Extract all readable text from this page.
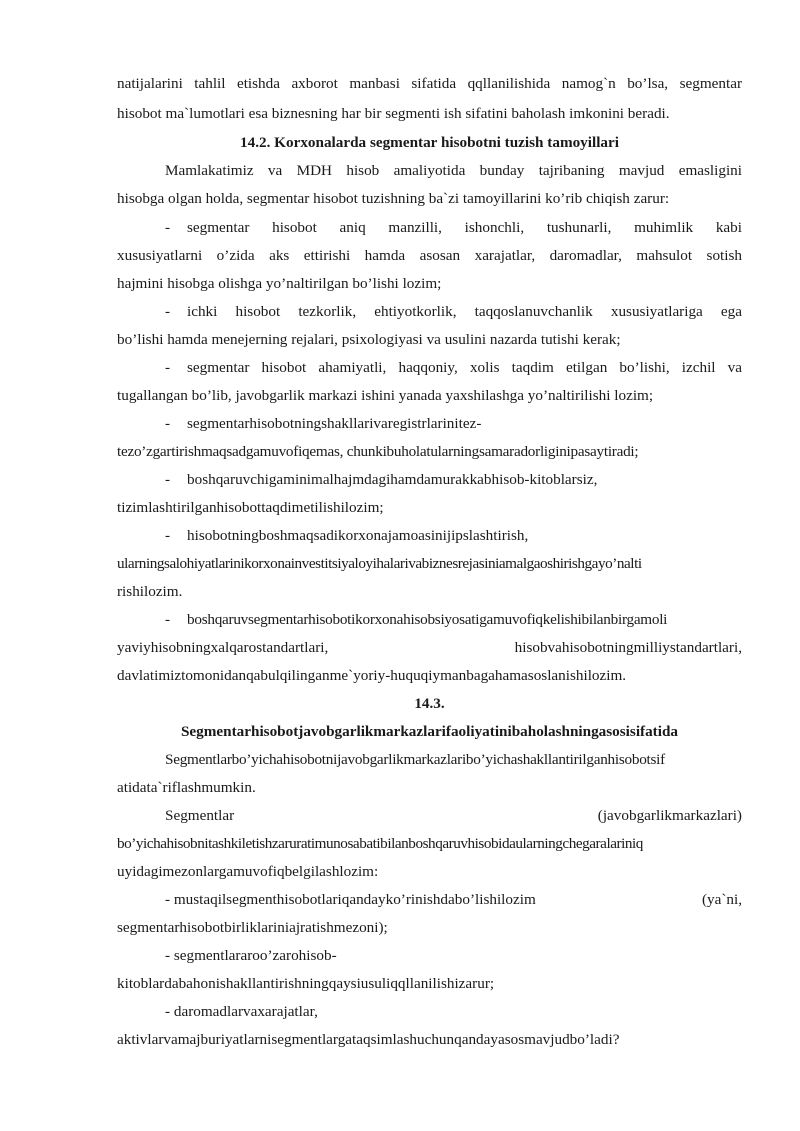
natijalarini tahlil etishda axborot manbasi sifatida qqllanilishida namog`n bo’lsa, segmentar
hisobot ma`lumotlari esa biznesning har bir segmenti ish sifatini baholash imkonini beradi.
14.2. Korxonalarda segmentar hisobotni tuzish tamoyillari
Mamlakatimiz va MDH hisob amaliyotida bunday tajribaning mavjud emasligini
hisobga olgan holda, segmentar hisobot tuzishning ba`zi tamoyillarini ko’rib chiqish zarur:
- segmentar hisobot aniq manzilli, ishonchli, tushunarli, muhimlik kabi
xususiyatlarni o’zida aks ettirishi hamda asosan xarajatlar, daromadlar, mahsulot sotish
hajmini hisobga olishga yo’naltirilgan bo’lishi lozim;
- ichki hisobot tezkorlik, ehtiyotkorlik, taqqoslanuvchanlik xususiyatlariga ega
bo’lishi hamda menejerning rejalari, psixologiyasi va usulini nazarda tutishi kerak;
- segmentar hisobot ahamiyatli, haqqoniy, xolis taqdim etilgan bo’lishi, izchil va
tugallangan bo’lib, javobgarlik markazi ishini yanada yaxshilashga yo’naltirilishi lozim;
- segmentarhisobotningshakllarivaregistrlarinitez-
tezo’zgartirishmaqsadgamuvofiqemas, chunkibuholatularningsamaradorliginipasaytiradi;
- boshqaruvchigaminimalhajmdagihamdamurakkabhisob-kitoblarsiz,
tizimlashtirilganhisobottaqdimetilishilozim;
- hisobotningboshmaqsadikorxonajamoasinijipslashtirish,
ularningsalohiyatlarinikorxonainvestitsiyaloyihalarivabiznesrejasiniamalgaoshirishgayo’nalti
rishilozim.
- boshqaruvsegmentarhisobotikorxonahisobsiyosatigamuvofiqkelishibilanbirgamoli
yaviyhisobningxalqarostandartlari,	hisobvahisobotningmilliystandartlari,
davlatimiztomonidanqabulqilinganme`yoriy-huquqiymanbagahamasoslanishilozim.
14.3.
Segmentarhisobotjavobgarlikmarkazlarifaoliyatinibaholashningasosisifatida
Segmentlarbo’yichahisobotnijavobgarlikmarkazlaribo’yichashakllantirilganhisobotsif
atidata`riflashmumkin.
Segmentlar	(javobgarlikmarkazlari)
bo’yichahisobnitashkiletishzaruratimunosabatibilanboshqaruvhisobidaularningchegaralariniq
uyidagimezonlargamuvofiqbelgilashlozim:
- mustaqilsegmenthisobotlariqandayko’rinishdabo’lishilozim	(ya`ni,
segmentarhisobotbirliklariniajratishmezoni);
- segmentlararoo’zarohisob-
kitoblardabahonishakllantirishningqaysiusuliqqllanilishizarur;
- daromadlarvaxarajatlar,
aktivlarvamajburiyatlarnisegmentlargataqsimlashuchunqandayasosmavjudbo’ladi?
